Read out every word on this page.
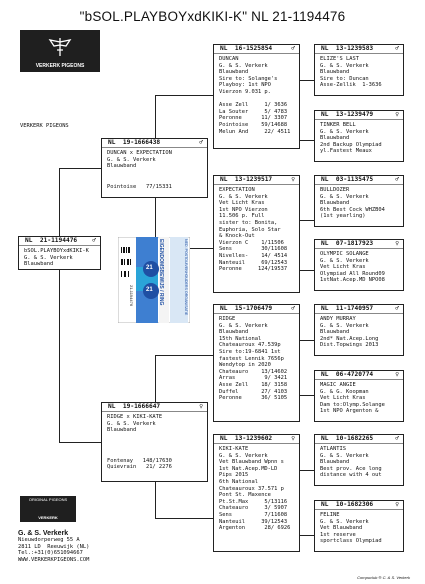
"bSOL.PLAYBOYxdKIKI-K" NL 21-1194476
VERKERK PIGEONS
VERKERK PIGEONS
NL  21-1194476 ♂
bSOL.PLAYBOYxdKIKI-K
G. & S. Verkerk
Blauwband
NL  19-1666438	♂
DUNCAN x EXPECTATION
G. & S. Verkerk
Blauwband
Pointoise   77/15331
NL  19-1666647	♀
RIDGE x KIKI-KATE
G. & S. Verkerk
Blauwband
Fontenay   148/17630
Quievrain   21/ 2276
NL  16-1525854	♂
DUNCAN
G. & S. Verkerk
Blauwband
Sire to: Solange's
Playboy: 1st NPO
Vierzon 9.031 p.
Asse Zell     1/ 3636
La Souter     5/ 4783
Peronne      11/ 3307
Pointoise    59/14688
Melun And     22/ 4511
NL  13-1239517	♀
EXPECTATION
G. & S. Verkerk
Vet Licht Kras
1st NPO Vierzon
11.506 p. Full
sister to: Bonita,
Euphoria, Solo Star
& Knock-Out
Vierzon C    1/11506
Sens         30/11608
Nivelles-    14/ 4514
Nanteuil     69/12543
Peronne     124/19537
NL  15-1706479	♂
RIDGE
G. & S. Verkerk
Blauwband
15th National
Chateauroux 47.539p
Sire to:19-6841 1st
fastest Lennik 7656p
Wendytop in 2020
Chateauro    13/14602
Arras         9/ 3421
Asse Zell    18/ 3158
Duffel       27/ 4103
Peronne      36/ 5105
NL  13-1239602	♀
KIKI-KATE
G. & S. Verkerk
Vet Blauwband Wpnn s
1st Nat.Acep.MD-LD
Pips 2015
6th National
Chateauroux 37.571 p
Pont St. Maxence
Pt.St.Max     5/13116
Chateauro     3/ 5907
Sens          7/11608
Nanteuil     39/12543
Argenton      28/ 6926
NL  13-1239583	♂
ELIZE'S LAST
G. & S. Verkerk
Blauwband
Sire to: Duncan
Asse-Zellik  1-3636
NL  13-1239479	♀
TINKER BELL
G. & S. Verkerk
Blauwband
2nd Backup Olympiad
yl.Fastest Meaux
NL  03-1135475	♂
BULLDOZER
G. & S. Verkerk
Blauwband
6th Best Cock WHZB04
(1st yearling)
NL  07-1817923	♀
OLYMPIC SOLANGE
G. & S. Verkerk
Vet Licht Kras
Olympiad All Round09
1stNat.Acep.MD NPO08
NL  11-1740957	♂
ANDY MURRAY
G. & S. Verkerk
Blauwband
2nd* Nat.Acep.Long
Dist.Topwings 2013
NL  06-4720774	♀
MAGIC ANGIE
G. & G. Koopman
Vet Licht Kras
Dam to:Olymp.Solange
1st NPO Argenton &
NL  10-1682265	♂
ATLANTIS
G. & S. Verkerk
Blauwband
Best prov. Ace long
distance with 4 out
NL  10-1682306	♀
FELINE
G. & S. Verkerk
Vet Blauwband
1st reserve
sportclass Olympiad
21
21 EIGENDOMSBEWIJS / RING	NED. POSTDUIVENHOUDERS ORGANISATIE
21-1194476
ORIGINAL PIGEONS
VERKERK
G. & S. Verkerk
Nieuwdorperweg 55 A
2811 LD  Reeuwijk (NL)
Tel.:+31(0)651094667
WWW.VERKERKPIGEONS.COM
Compuclub ® C. & S. Verkerk
